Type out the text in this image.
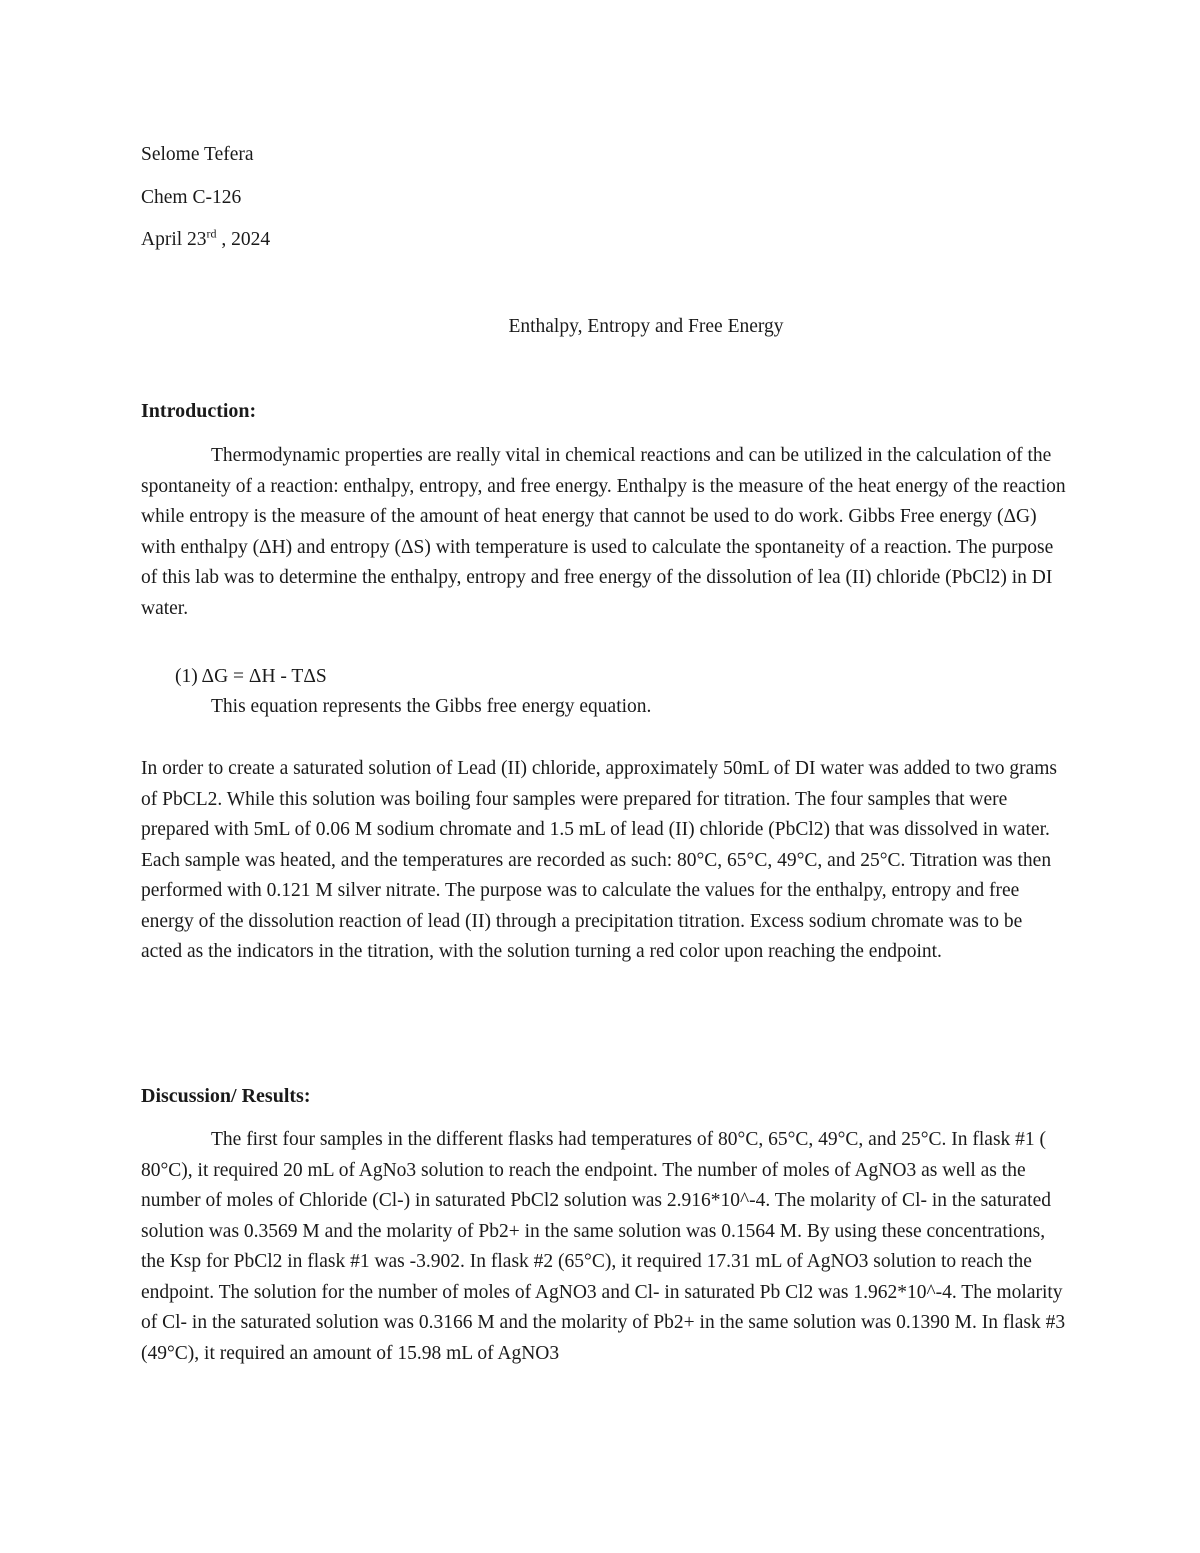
Selome Tefera
Chem C-126
April 23rd , 2024
Enthalpy, Entropy and Free Energy
Introduction:

Thermodynamic properties are really vital in chemical reactions and can be utilized in the calculation of the spontaneity of a reaction: enthalpy, entropy, and free energy. Enthalpy is the measure of the heat energy of the reaction while entropy is the measure of the amount of heat energy that cannot be used to do work. Gibbs Free energy (ΔG) with enthalpy (ΔH) and entropy (ΔS) with temperature is used to calculate the spontaneity of a reaction. The purpose of this lab was to determine the enthalpy, entropy and free energy of the dissolution of lea (II) chloride (PbCl2) in DI water.

(1) ΔG = ΔH - TΔS
This equation represents the Gibbs free energy equation.

In order to create a saturated solution of Lead (II) chloride, approximately 50mL of DI water was added to two grams of PbCL2. While this solution was boiling four samples were prepared for titration. The four samples that were prepared with 5mL of 0.06 M sodium chromate and 1.5 mL of lead (II) chloride (PbCl2) that was dissolved in water. Each sample was heated, and the temperatures are recorded as such: 80°C, 65°C, 49°C, and 25°C. Titration was then performed with 0.121 M silver nitrate. The purpose was to calculate the values for the enthalpy, entropy and free energy of the dissolution reaction of lead (II) through a precipitation titration. Excess sodium chromate was to be acted as the indicators in the titration, with the solution turning a red color upon reaching the endpoint.

Discussion/ Results:

The first four samples in the different flasks had temperatures of 80°C, 65°C, 49°C, and 25°C. In flask #1 ( 80°C), it required 20 mL of AgNo3 solution to reach the endpoint. The number of moles of AgNO3 as well as the number of moles of Chloride (Cl-) in saturated PbCl2 solution was 2.916*10^-4. The molarity of Cl- in the saturated solution was 0.3569 M and the molarity of Pb2+ in the same solution was 0.1564 M. By using these concentrations, the Ksp for PbCl2 in flask #1 was -3.902. In flask #2 (65°C), it required 17.31 mL of AgNO3 solution to reach the endpoint. The solution for the number of moles of AgNO3 and Cl- in saturated Pb Cl2 was 1.962*10^-4. The molarity of Cl- in the saturated solution was 0.3166 M and the molarity of Pb2+ in the same solution was 0.1390 M. In flask #3 (49°C), it required an amount of 15.98 mL of AgNO3
